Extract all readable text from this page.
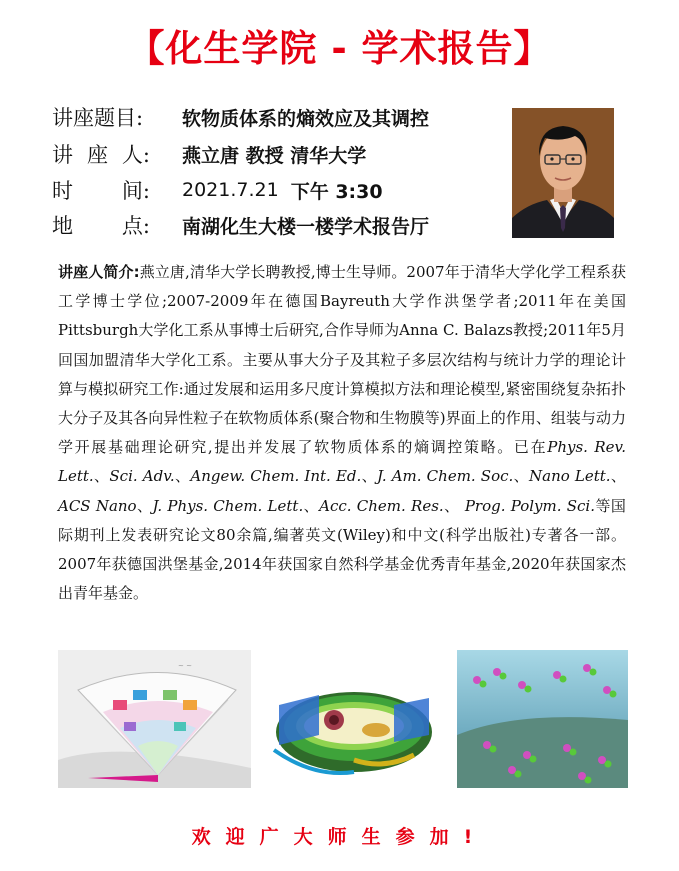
【化生学院 - 学术报告】
讲座题目:	软物质体系的熵效应及其调控
讲 座 人: 燕立唐 教授 清华大学
时 间: 2021.7.21 下午 3:30
地 点: 南湖化生大楼一楼学术报告厅
讲座人简介:燕立唐,清华大学长聘教授,博士生导师。2007年于清华大学化学工程系获工学博士学位;2007-2009年在德国Bayreuth大学作洪堡学者;2011年在美国Pittsburgh大学化工系从事博士后研究,合作导师为Anna C. Balazs教授;2011年5月回国加盟清华大学化工系。主要从事大分子及其粒子多层次结构与统计力学的理论计算与模拟研究工作:通过发展和运用多尺度计算模拟方法和理论模型,紧密围绕复杂拓扑大分子及其各向异性粒子在软物质体系(聚合物和生物膜等)界面上的作用、组装与动力学开展基础理论研究,提出并发展了软物质体系的熵调控策略。已在Phys. Rev. Lett.、Sci. Adv.、Angew. Chem. Int. Ed.、J. Am. Chem. Soc.、Nano Lett.、ACS Nano、J. Phys. Chem. Lett.、Acc. Chem. Res.、 Prog. Polym. Sci.等国际期刊上发表研究论文80余篇,编著英文(Wiley)和中文(科学出版社)专著各一部。2007年获德国洪堡基金,2014年获国家自然科学基金优秀青年基金,2020年获国家杰出青年基金。
~ ~
欢迎广大师生参加!
